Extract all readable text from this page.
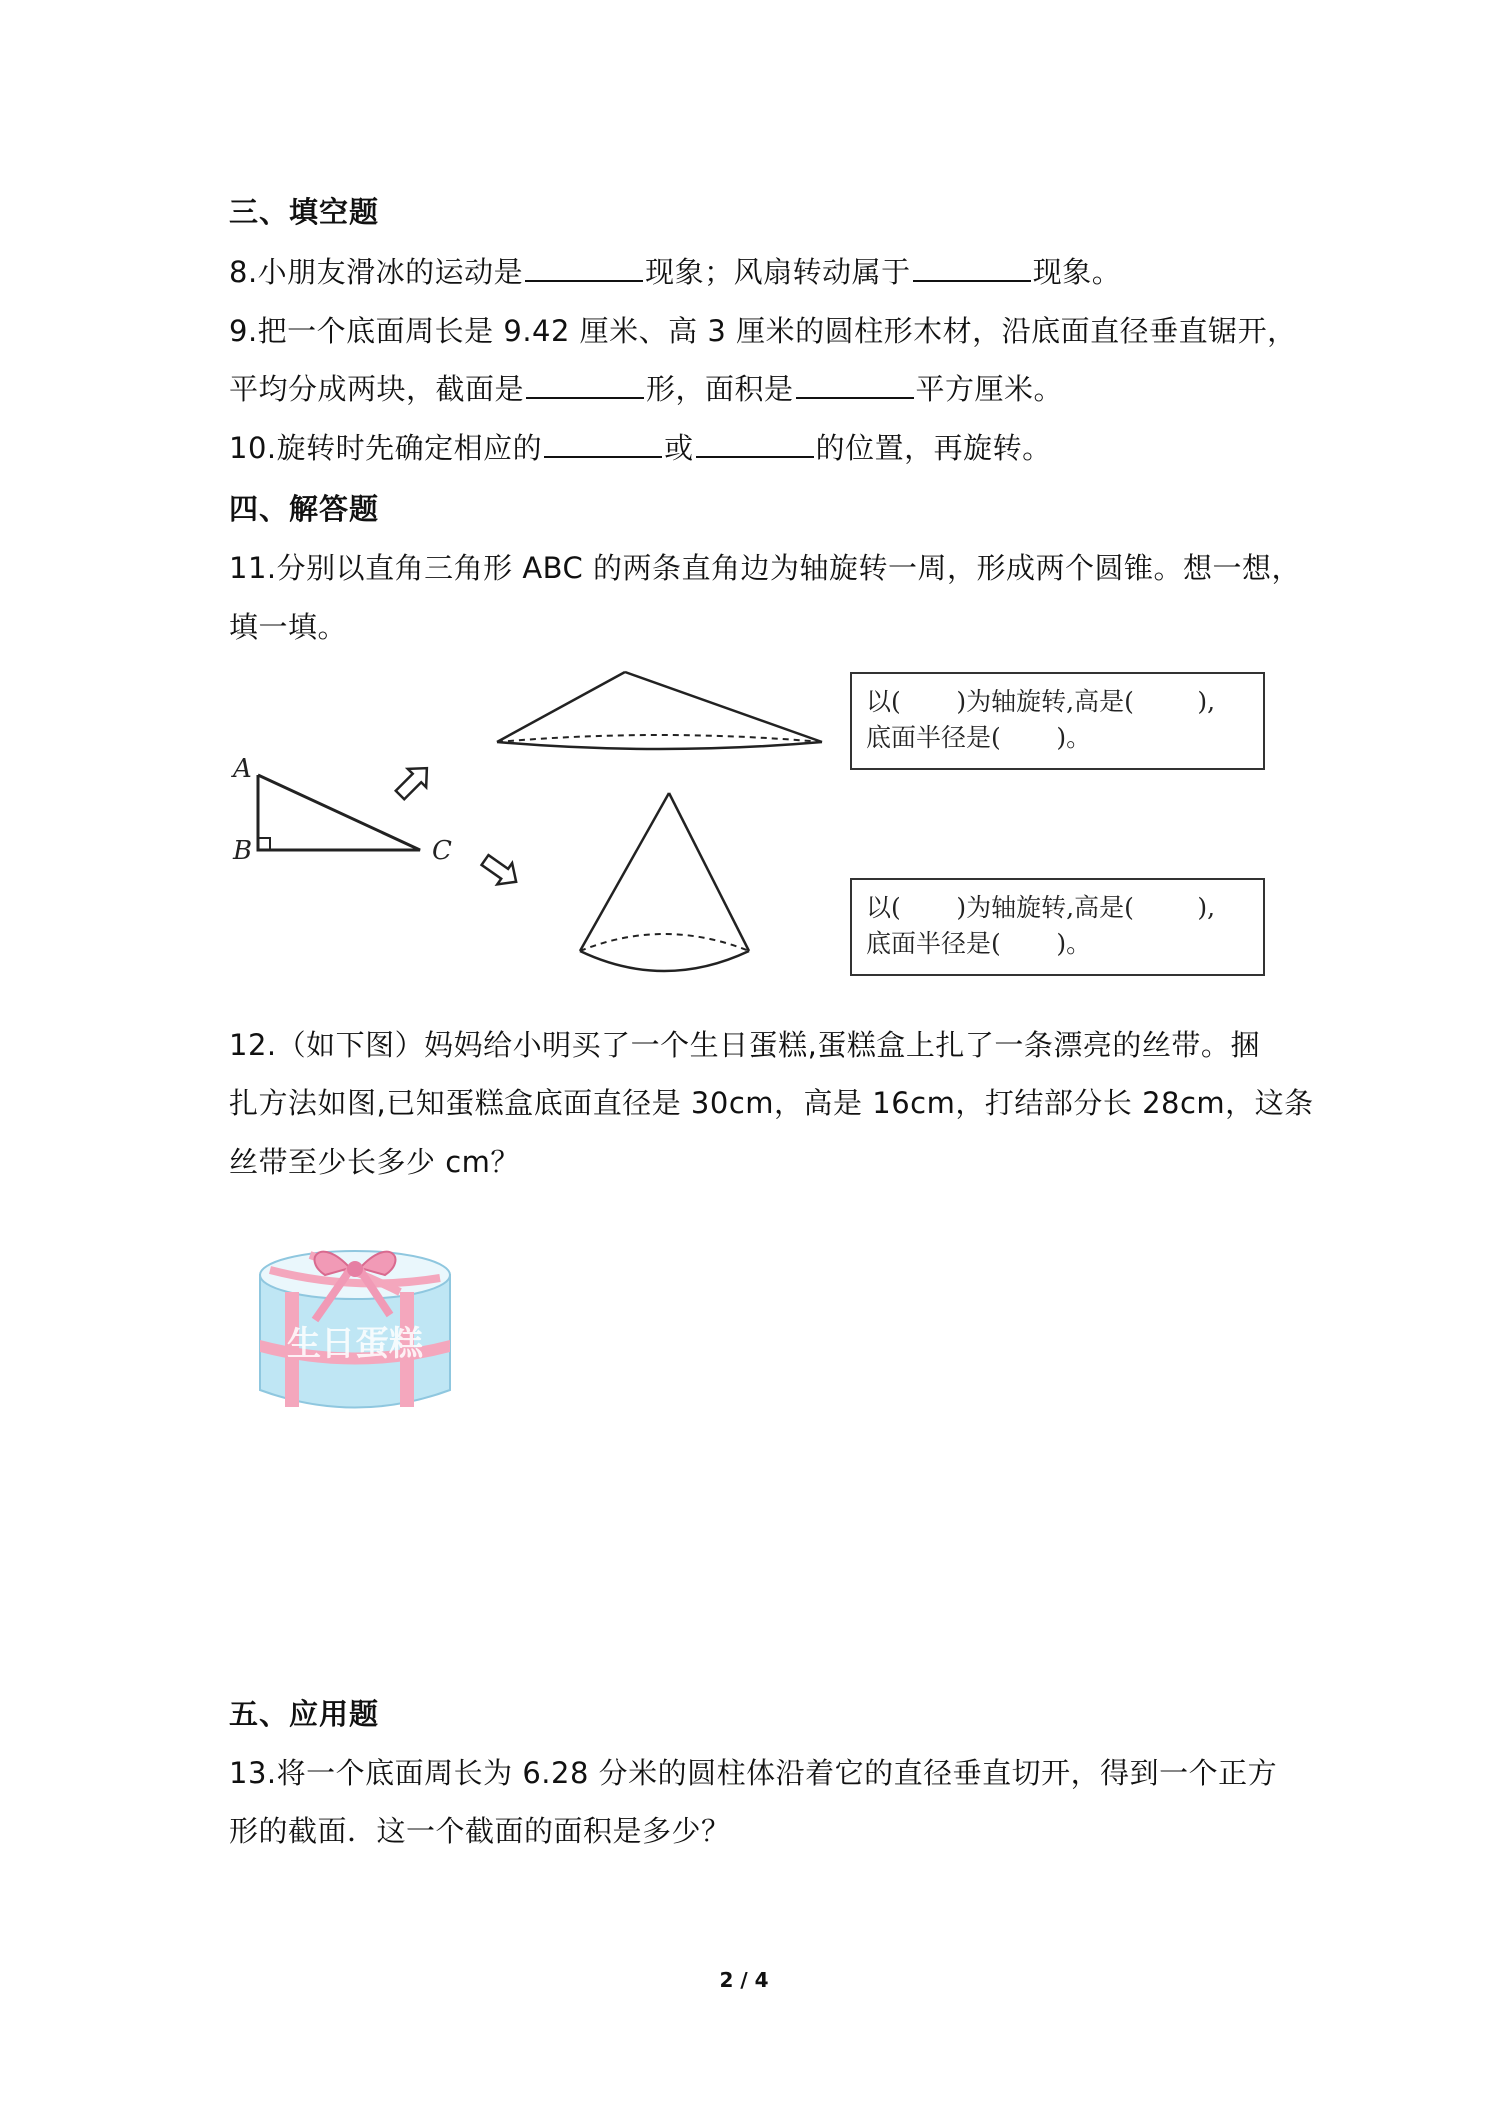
三、填空题
8.小朋友滑冰的运动是	现象；风扇转动属于	现象。
9.把一个底面周长是 9.42 厘米、高 3 厘米的圆柱形木材，沿底面直径垂直锯开，
平均分成两块，截面是	形，面积是	平方厘米。
10.旋转时先确定相应的	或	的位置，再旋转。
四、解答题
11.分别以直角三角形 ABC 的两条直角边为轴旋转一周，形成两个圆锥。想一想，
填一填。
A
B	C
以(       )为轴旋转,高是(        ),
底面半径是(       )。
以(       )为轴旋转,高是(        ),
底面半径是(       )。
12.（如下图）妈妈给小明买了一个生日蛋糕,蛋糕盒上扎了一条漂亮的丝带。捆
扎方法如图,已知蛋糕盒底面直径是 30cm，高是 16cm，打结部分长 28cm，这条
丝带至少长多少 cm？
生日蛋糕
五、应用题
13.将一个底面周长为 6.28 分米的圆柱体沿着它的直径垂直切开，得到一个正方
形的截面．这一个截面的面积是多少？
2 / 4
